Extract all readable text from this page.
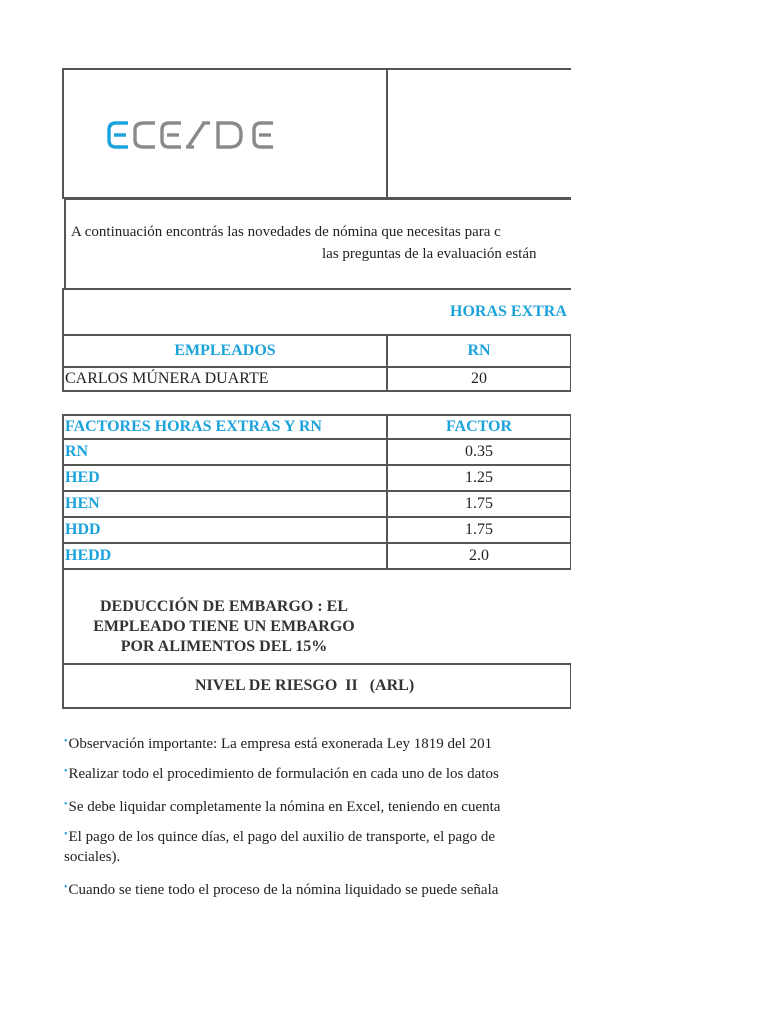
ECESDE
A continuación encontrás las novedades de nómina que necesitas para c
las preguntas de la evaluación están
HORAS EXTRA
EMPLEADOS	RN
CARLOS MÚNERA DUARTE	20
FACTORES HORAS EXTRAS Y RN	FACTOR
RN	0.35
HED	1.25
HEN	1.75
HDD	1.75
HEDD	2.0
DEDUCCIÓN DE EMBARGO : EL
EMPLEADO TIENE UN EMBARGO
POR ALIMENTOS DEL 15%
NIVEL DE RIESGO  II   (ARL)
•Observación importante: La empresa está exonerada Ley 1819 del 201
•Realizar todo el procedimiento de formulación en cada uno de los datos
•Se debe liquidar completamente la nómina en Excel, teniendo en cuenta
•El pago de los quince días, el pago del auxilio de transporte, el pago de
sociales).
•Cuando se tiene todo el proceso de la nómina liquidado se puede señala
